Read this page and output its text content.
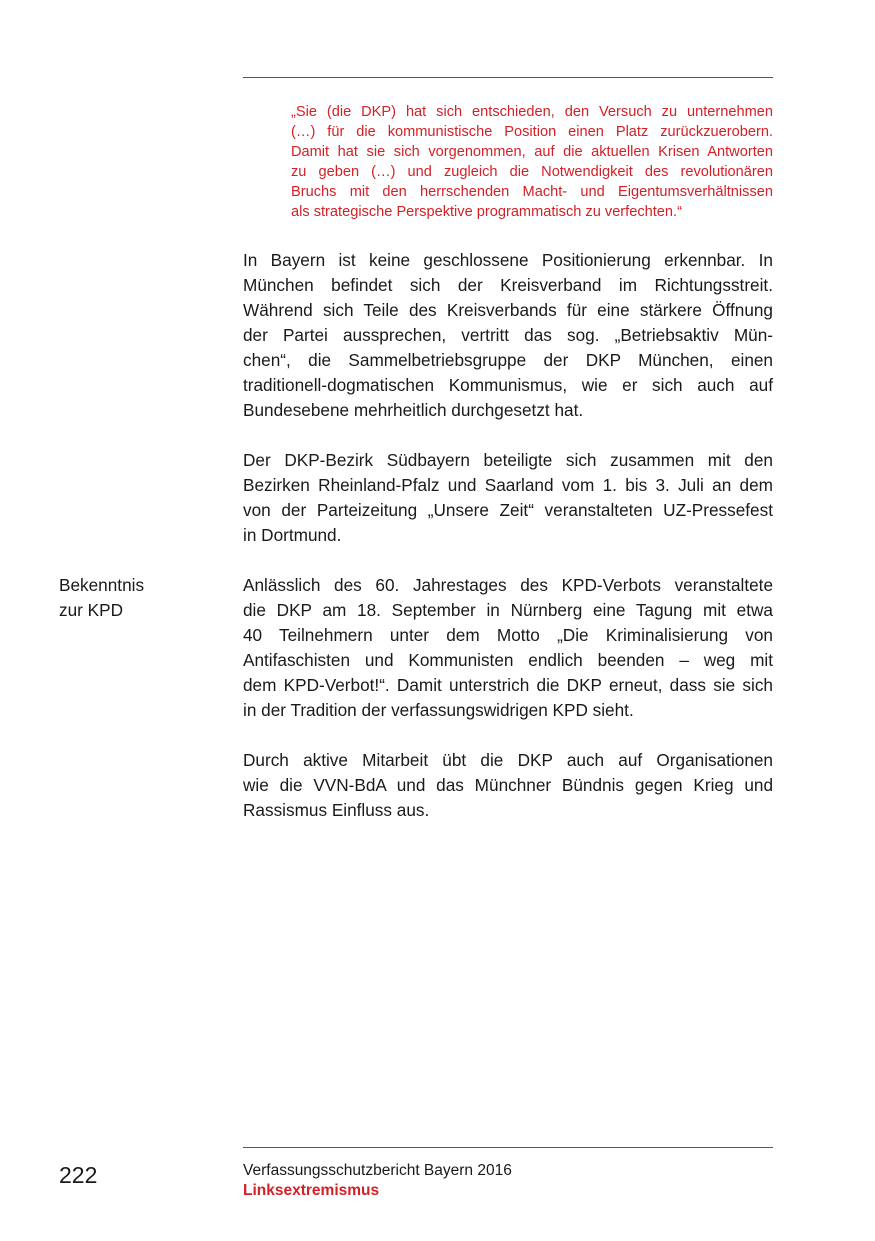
„Sie (die DKP) hat sich entschieden, den Versuch zu unternehmen
(…) für die kommunistische Position einen Platz zurückzuerobern.
Damit hat sie sich vorgenommen, auf die aktuellen Krisen Antworten
zu geben (…) und zugleich die Notwendigkeit des revolutionären
Bruchs mit den herrschenden Macht- und Eigentumsverhältnissen
als strategische Perspektive programmatisch zu verfechten.“
In Bayern ist keine geschlossene Positionierung erkennbar. In
München befindet sich der Kreisverband im Richtungsstreit.
Während sich Teile des Kreisverbands für eine stärkere Öffnung
der Partei aussprechen, vertritt das sog. „Betriebsaktiv Mün-
chen“, die Sammelbetriebsgruppe der DKP München, einen
traditionell-dogmatischen Kommunismus, wie er sich auch auf
Bundesebene mehrheitlich durchgesetzt hat.
Der DKP-Bezirk Südbayern beteiligte sich zusammen mit den
Bezirken Rheinland-Pfalz und Saarland vom 1. bis 3. Juli an dem
von der Parteizeitung „Unsere Zeit“ veranstalteten UZ-Pressefest
in Dortmund.
Bekenntnis
zur KPD
Anlässlich des 60. Jahrestages des KPD-Verbots veranstaltete
die DKP am 18. September in Nürnberg eine Tagung mit etwa
40 Teilnehmern unter dem Motto „Die Kriminalisierung von
Antifaschisten und Kommunisten endlich beenden – weg mit
dem KPD-Verbot!“. Damit unterstrich die DKP erneut, dass sie sich
in der Tradition der verfassungswidrigen KPD sieht.
Durch aktive Mitarbeit übt die DKP auch auf Organisationen
wie die VVN-BdA und das Münchner Bündnis gegen Krieg und
Rassismus Einfluss aus.
222	Verfassungsschutzbericht Bayern 2016
Linksextremismus
